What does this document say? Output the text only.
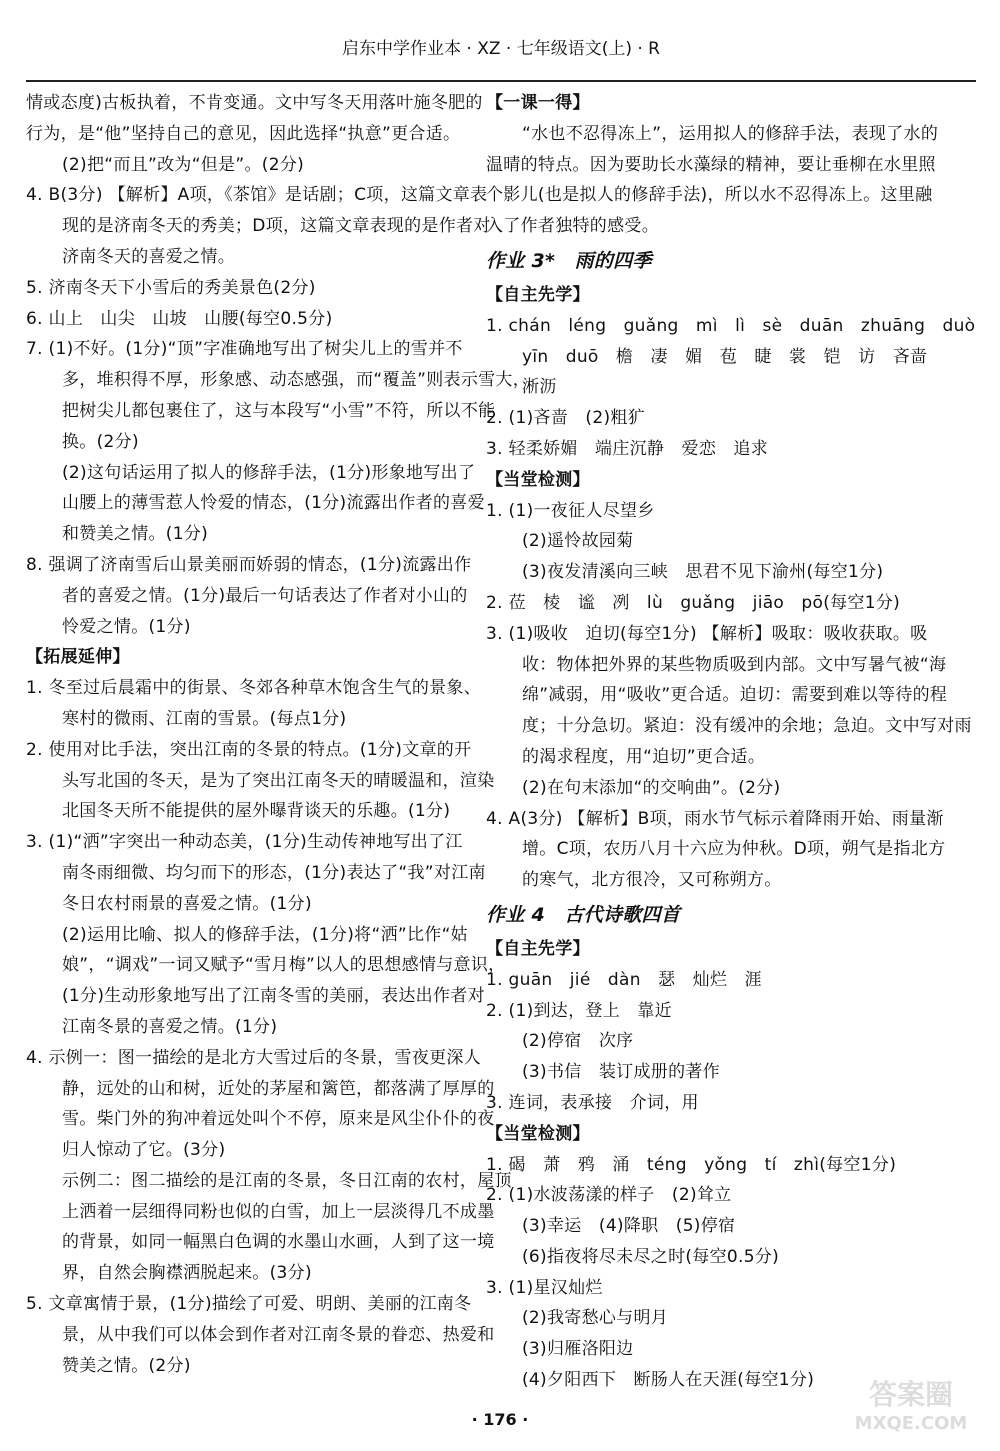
启东中学作业本 · XZ · 七年级语文(上) · R
情或态度)古板执着，不肯变通。文中写冬天用落叶施冬肥的
行为，是“他”坚持自己的意见，因此选择“执意”更合适。
(2)把“而且”改为“但是”。(2分)
4. B(3分) 【解析】A项，《茶馆》是话剧；C项，这篇文章表
现的是济南冬天的秀美；D项，这篇文章表现的是作者对
济南冬天的喜爱之情。
5. 济南冬天下小雪后的秀美景色(2分)
6. 山上　山尖　山坡　山腰(每空0.5分)
7. (1)不好。(1分)“顶”字准确地写出了树尖儿上的雪并不
多，堆积得不厚，形象感、动态感强，而“覆盖”则表示雪大，
把树尖儿都包裹住了，这与本段写“小雪”不符，所以不能
换。(2分)
(2)这句话运用了拟人的修辞手法，(1分)形象地写出了
山腰上的薄雪惹人怜爱的情态，(1分)流露出作者的喜爱
和赞美之情。(1分)
8. 强调了济南雪后山景美丽而娇弱的情态，(1分)流露出作
者的喜爱之情。(1分)最后一句话表达了作者对小山的
怜爱之情。(1分)
【拓展延伸】
1. 冬至过后晨霜中的街景、冬郊各种草木饱含生气的景象、
寒村的微雨、江南的雪景。(每点1分)
2. 使用对比手法，突出江南的冬景的特点。(1分)文章的开
头写北国的冬天，是为了突出江南冬天的晴暖温和，渲染
北国冬天所不能提供的屋外曝背谈天的乐趣。(1分)
3. (1)“洒”字突出一种动态美，(1分)生动传神地写出了江
南冬雨细微、均匀而下的形态，(1分)表达了“我”对江南
冬日农村雨景的喜爱之情。(1分)
(2)运用比喻、拟人的修辞手法，(1分)将“洒”比作“姑
娘”，“调戏”一词又赋予“雪月梅”以人的思想感情与意识，
(1分)生动形象地写出了江南冬雪的美丽，表达出作者对
江南冬景的喜爱之情。(1分)
4. 示例一：图一描绘的是北方大雪过后的冬景，雪夜更深人
静，远处的山和树，近处的茅屋和篱笆，都落满了厚厚的
雪。柴门外的狗冲着远处叫个不停，原来是风尘仆仆的夜
归人惊动了它。(3分)
示例二：图二描绘的是江南的冬景，冬日江南的农村，屋顶
上洒着一层细得同粉也似的白雪，加上一层淡得几不成墨
的背景，如同一幅黑白色调的水墨山水画，人到了这一境
界，自然会胸襟洒脱起来。(3分)
5. 文章寓情于景，(1分)描绘了可爱、明朗、美丽的江南冬
景，从中我们可以体会到作者对江南冬景的眷恋、热爱和
赞美之情。(2分)
【一课一得】
“水也不忍得冻上”，运用拟人的修辞手法，表现了水的
温晴的特点。因为要助长水藻绿的精神，要让垂柳在水里照
个影儿(也是拟人的修辞手法)，所以水不忍得冻上。这里融
入了作者独特的感受。
作业 3*　雨的四季
【自主先学】
1. chán　léng　guǎng　mì　lì　sè　duān　zhuāng　duò
yīn　duō　檐　凄　媚　苞　睫　裳　铠　访　吝啬
淅沥
2. (1)吝啬　(2)粗犷
3. 轻柔娇媚　端庄沉静　爱恋　追求
【当堂检测】
1. (1)一夜征人尽望乡
(2)遥怜故园菊
(3)夜发清溪向三峡　思君不见下渝州(每空1分)
2. 莅　棱　谧　冽　lù　guǎng　jiāo　pō(每空1分)
3. (1)吸收　迫切(每空1分) 【解析】吸取：吸收获取。吸
收：物体把外界的某些物质吸到内部。文中写暑气被“海
绵”减弱，用“吸收”更合适。迫切：需要到难以等待的程
度；十分急切。紧迫：没有缓冲的余地；急迫。文中写对雨
的渴求程度，用“迫切”更合适。
(2)在句末添加“的交响曲”。(2分)
4. A(3分) 【解析】B项，雨水节气标示着降雨开始、雨量渐
增。C项，农历八月十六应为仲秋。D项，朔气是指北方
的寒气，北方很冷，又可称朔方。
作业 4　古代诗歌四首
【自主先学】
1. guān　jié　dàn　瑟　灿烂　涯
2. (1)到达，登上　靠近
(2)停宿　次序
(3)书信　装订成册的著作
3. 连词，表承接　介词，用
【当堂检测】
1. 碣　萧　鸦　涌　téng　yǒng　tí　zhì(每空1分)
2. (1)水波荡漾的样子　(2)耸立
(3)幸运　(4)降职　(5)停宿
(6)指夜将尽未尽之时(每空0.5分)
3. (1)星汉灿烂
(2)我寄愁心与明月
(3)归雁洛阳边
(4)夕阳西下　断肠人在天涯(每空1分)
· 176 ·
答案圈
MXQE.COM
